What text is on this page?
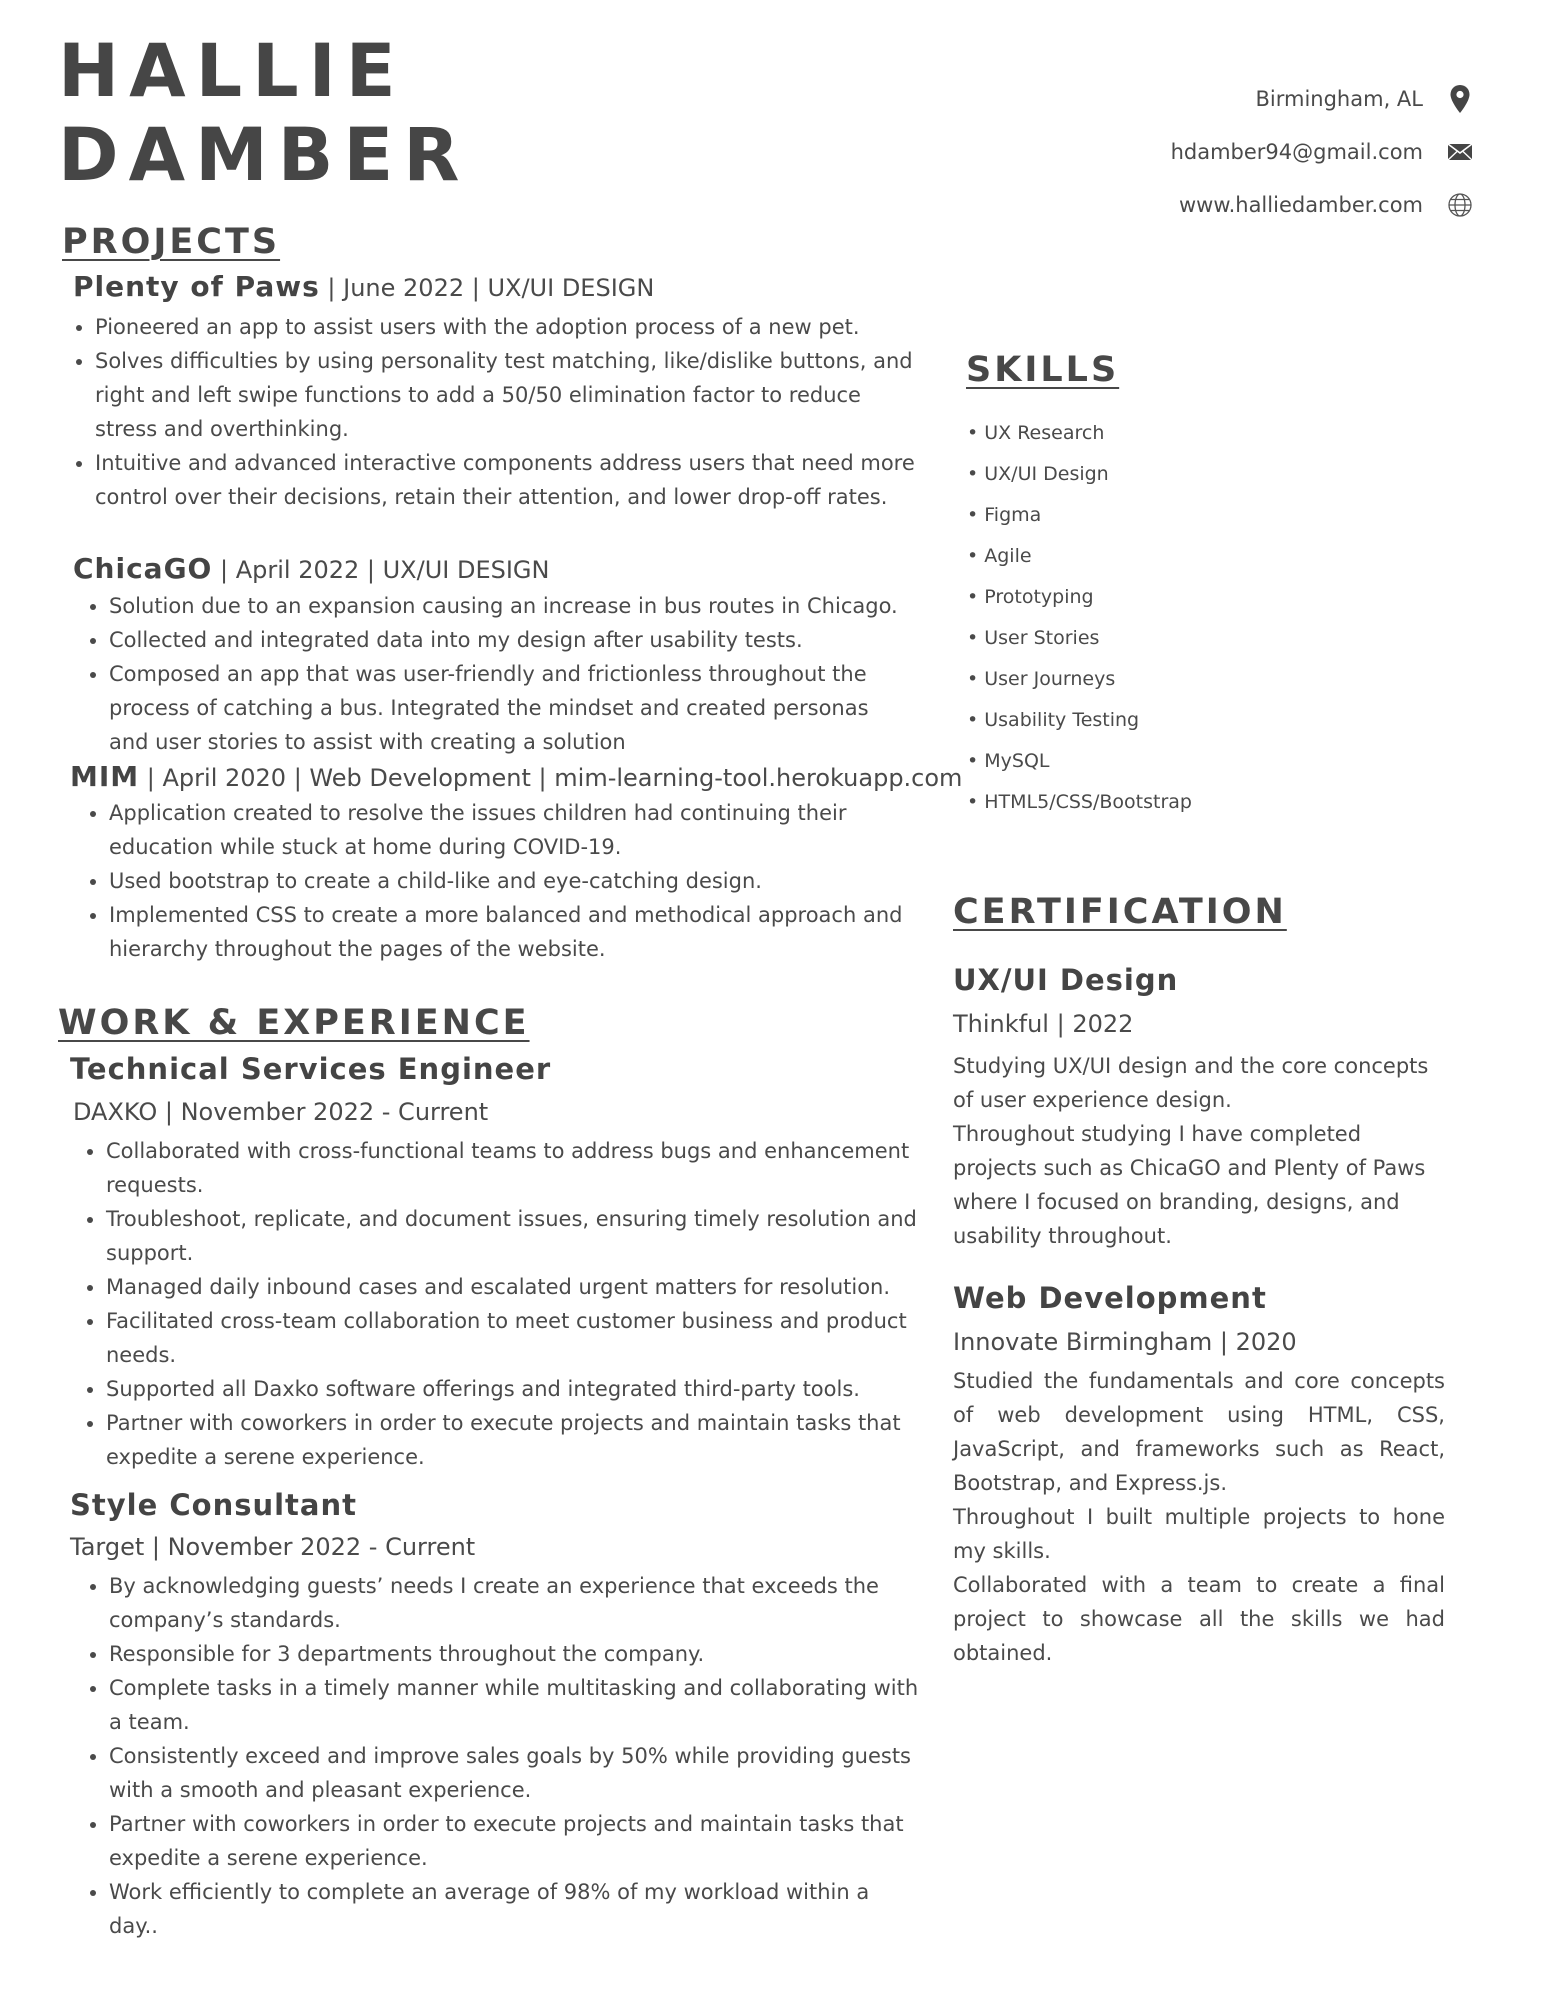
HALLIE
DAMBER
Birmingham, AL
hdamber94@gmail.com
www.halliedamber.com
PROJECTS
Plenty of Paws | June 2022 | UX/UI DESIGN
• Pioneered an app to assist users with the adoption process of a new pet.
• Solves difficulties by using personality test matching, like/dislike buttons, and right and left swipe functions to add a 50/50 elimination factor to reduce stress and overthinking.
• Intuitive and advanced interactive components address users that need more control over their decisions, retain their attention, and lower drop-off rates.
ChicaGO | April 2022 | UX/UI DESIGN
• Solution due to an expansion causing an increase in bus routes in Chicago.
• Collected and integrated data into my design after usability tests.
• Composed an app that was user-friendly and frictionless throughout the process of catching a bus. Integrated the mindset and created personas and user stories to assist with creating a solution
MIM | April 2020 | Web Development | mim-learning-tool.herokuapp.com
• Application created to resolve the issues children had continuing their education while stuck at home during COVID-19.
• Used bootstrap to create a child-like and eye-catching design.
• Implemented CSS to create a more balanced and methodical approach and hierarchy throughout the pages of the website.
WORK & EXPERIENCE
Technical Services Engineer
DAXKO | November 2022 - Current
• Collaborated with cross-functional teams to address bugs and enhancement requests.
• Troubleshoot, replicate, and document issues, ensuring timely resolution and support.
• Managed daily inbound cases and escalated urgent matters for resolution.
• Facilitated cross-team collaboration to meet customer business and product needs.
• Supported all Daxko software offerings and integrated third-party tools.
• Partner with coworkers in order to execute projects and maintain tasks that expedite a serene experience.
Style Consultant
Target | November 2022 - Current
• By acknowledging guests’ needs I create an experience that exceeds the company’s standards.
• Responsible for 3 departments throughout the company.
• Complete tasks in a timely manner while multitasking and collaborating with a team.
• Consistently exceed and improve sales goals by 50% while providing guests with a smooth and pleasant experience.
• Partner with coworkers in order to execute projects and maintain tasks that expedite a serene experience.
• Work efficiently to complete an average of 98% of my workload within a day..
SKILLS
• UX Research
• UX/UI Design
• Figma
• Agile
• Prototyping
• User Stories
• User Journeys
• Usability Testing
• MySQL
• HTML5/CSS/Bootstrap
CERTIFICATION
UX/UI Design
Thinkful | 2022

Studying UX/UI design and the core concepts of user experience design.

Throughout studying I have completed projects such as ChicaGO and Plenty of Paws where I focused on branding, designs, and usability throughout.

Web Development
Innovate Birmingham | 2020

Studied the fundamentals and core concepts of web development using HTML, CSS, JavaScript, and frameworks such as React, Bootstrap, and Express.js.

Throughout I built multiple projects to hone my skills.

Collaborated with a team to create a final project to showcase all the skills we had obtained.
